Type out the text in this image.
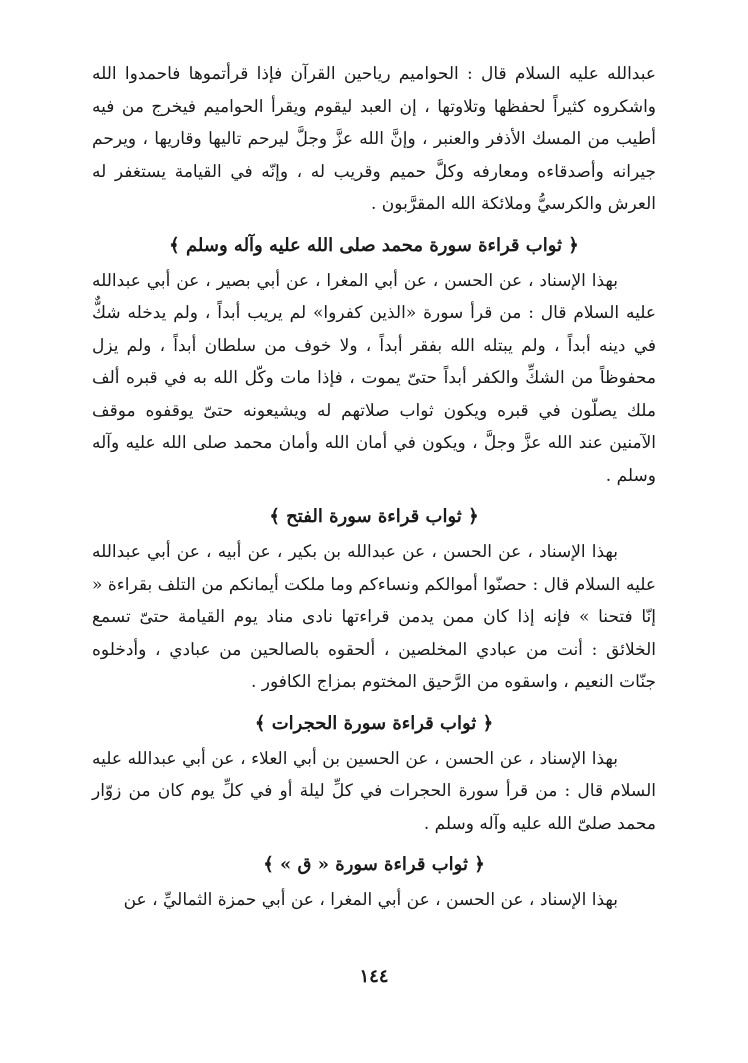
عبدالله عليه السلام قال : الحواميم رياحين القرآن فإذا قرأتموها فاحمدوا الله واشكروه كثيراً لحفظها وتلاوتها ، إن العبد ليقوم ويقرأ الحواميم فيخرج من فيه أطيب من المسك الأذفر والعنبر ، وإنَّ الله عزَّ وجلَّ ليرحم تاليها وقاريها ، ويرحم جيرانه وأصدقاءه ومعارفه وكلَّ حميم وقريب له ، وإنّه في القيامة يستغفر له العرش والكرسيُّ وملائكة الله المقرَّبون .

﴿ ثواب قراءة سورة محمد صلى الله عليه وآله وسلم ﴾

بهذا الإسناد ، عن الحسن ، عن أبي المغرا ، عن أبي بصير ، عن أبي عبدالله عليه السلام قال : من قرأ سورة «الذين كفروا» لم يريب أبداً ، ولم يدخله شكٌّ في دينه أبداً ، ولم يبتله الله بفقر أبداً ، ولا خوف من سلطان أبداً ، ولم يزل محفوظاً من الشكِّ والكفر أبداً حتىّ يموت ، فإذا مات وكّل الله به في قبره ألف ملك يصلّون في قبره ويكون ثواب صلاتهم له ويشيعونه حتىّ يوقفوه موقف الآمنين عند الله عزَّ وجلَّ ، ويكون في أمان الله وأمان محمد صلى الله عليه وآله وسلم .

﴿ ثواب قراءة سورة الفتح ﴾

بهذا الإسناد ، عن الحسن ، عن عبدالله بن بكير ، عن أبيه ، عن أبي عبدالله عليه السلام قال : حصنّوا أموالكم ونساءكم وما ملكت أيمانكم من التلف بقراءة « إنّا فتحنا » فإنه إذا كان ممن يدمن قراءتها نادى مناد يوم القيامة حتىّ تسمع الخلائق : أنت من عبادي المخلصين ، ألحقوه بالصالحين من عبادي ، وأدخلوه جنّات النعيم ، واسقوه من الرَّحيق المختوم بمزاج الكافور .

﴿ ثواب قراءة سورة الحجرات ﴾

بهذا الإسناد ، عن الحسن ، عن الحسين بن أبي العلاء ، عن أبي عبدالله عليه السلام قال : من قرأ سورة الحجرات في كلِّ ليلة أو في كلِّ يوم كان من زوّار محمد صلىّ الله عليه وآله وسلم .

﴿ ثواب قراءة سورة « ق » ﴾

بهذا الإسناد ، عن الحسن ، عن أبي المغرا ، عن أبي حمزة الثماليِّ ، عن

١٤٤
